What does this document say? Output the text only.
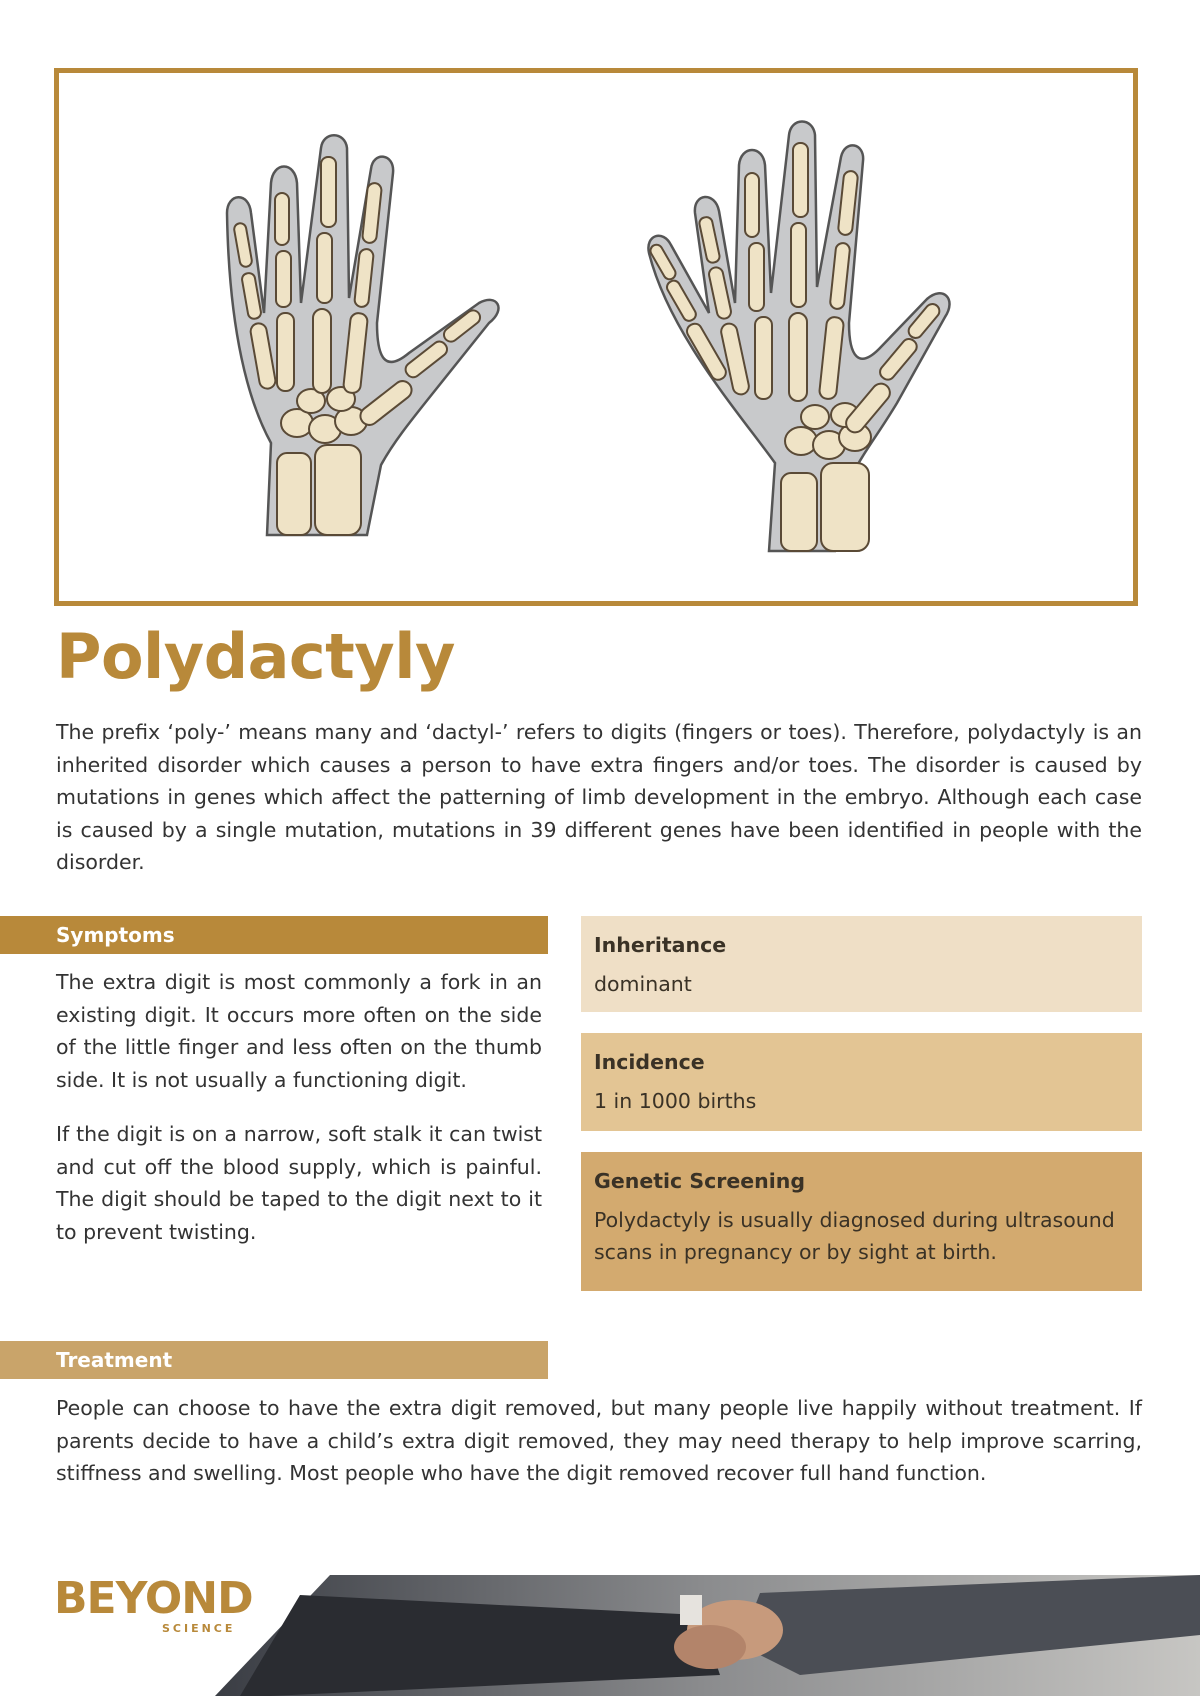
Polydactyly

The prefix ‘poly-’ means many and ‘dactyl-’ refers to digits (fingers or toes). Therefore, polydactyly is an inherited disorder which causes a person to have extra fingers and/or toes. The disorder is caused by mutations in genes which affect the patterning of limb development in the embryo. Although each case is caused by a single mutation, mutations in 39 different genes have been identified in people with the disorder.

Symptoms

The extra digit is most commonly a fork in an existing digit. It occurs more often on the side of the little finger and less often on the thumb side. It is not usually a functioning digit.

If the digit is on a narrow, soft stalk it can twist and cut off the blood supply, which is painful. The digit should be taped to the digit next to it to prevent twisting.

Inheritance
dominant
Incidence
1 in 1000 births
Genetic Screening
Polydactyly is usually diagnosed during ultrasound scans in pregnancy or by sight at birth.
Treatment

People can choose to have the extra digit removed, but many people live happily without treatment. If parents decide to have a child’s extra digit removed, they may need therapy to help improve scarring, stiffness and swelling. Most people who have the digit removed recover full hand function.

BEYOND
SCIENCE
